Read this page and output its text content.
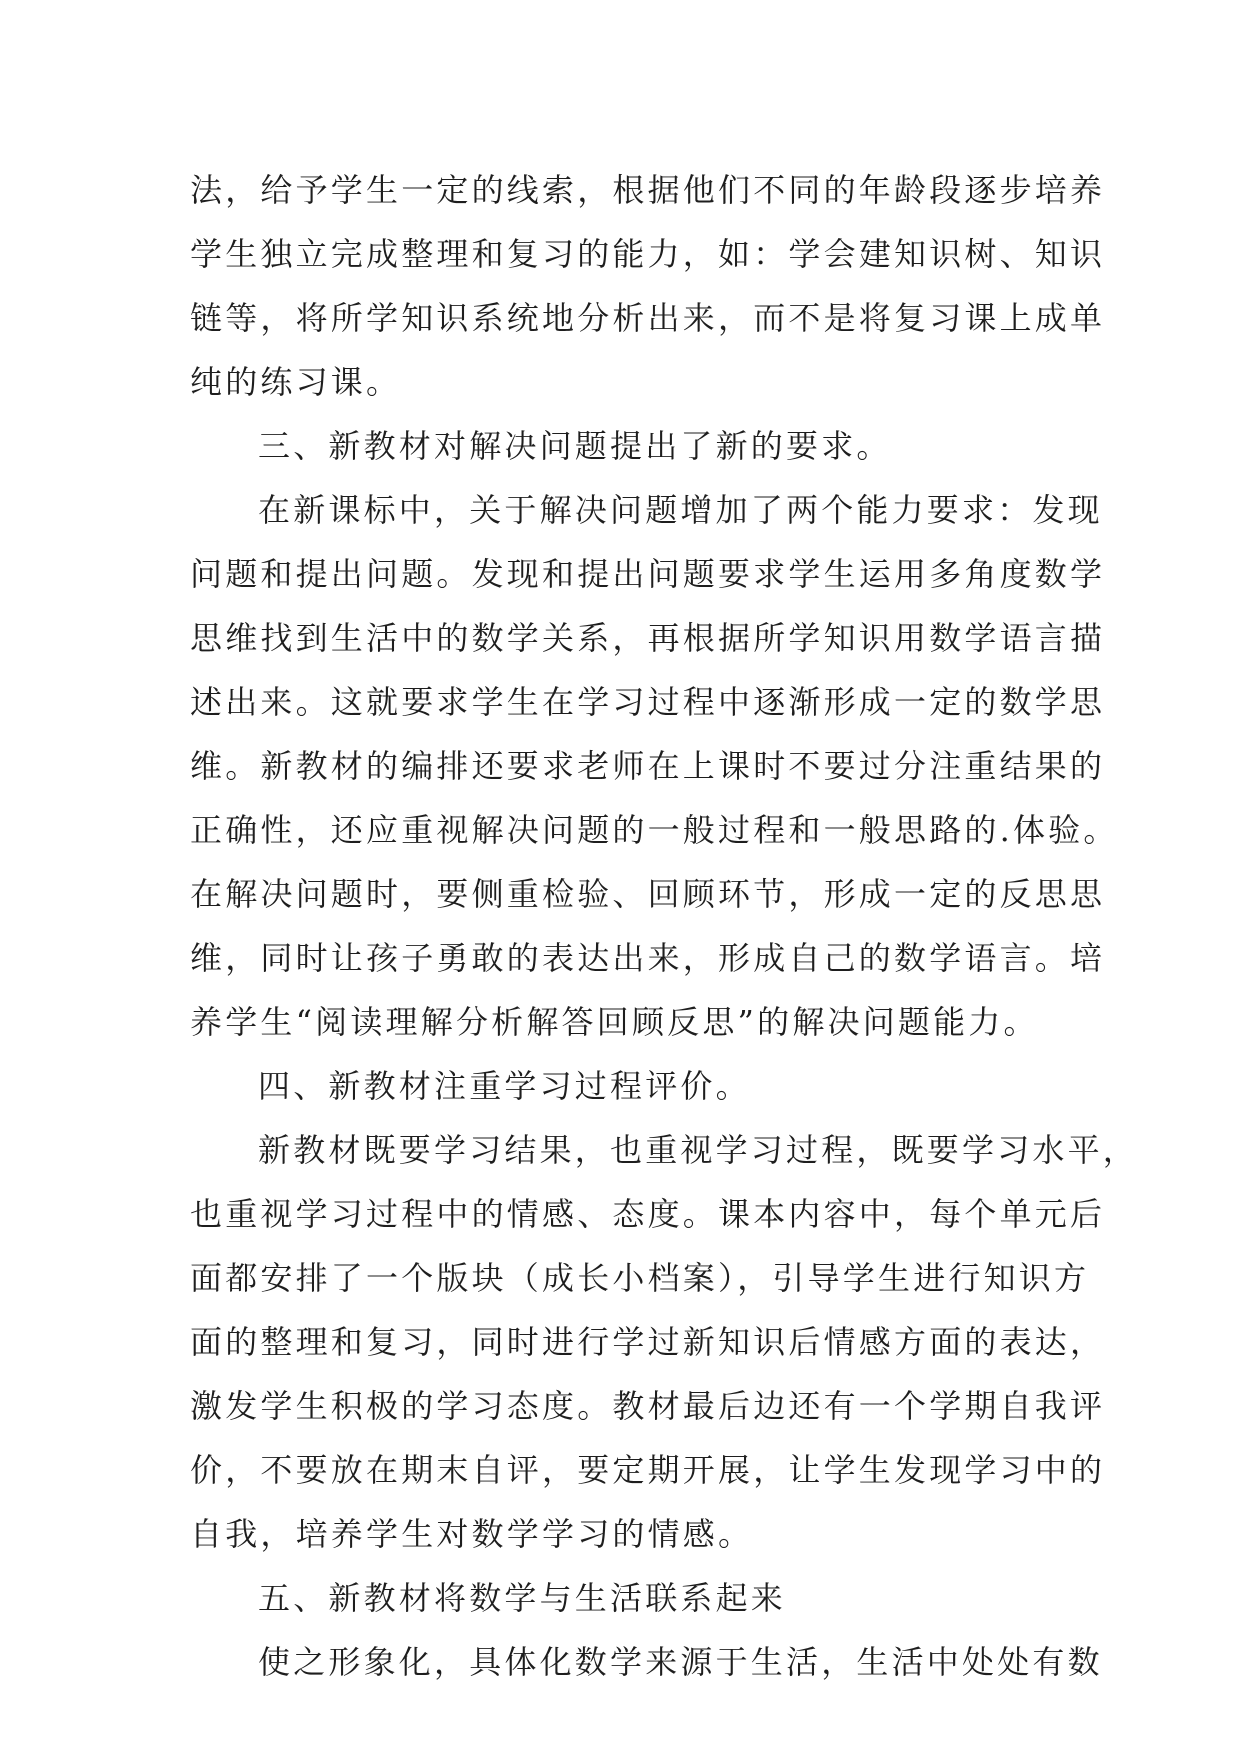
法，给予学生一定的线索，根据他们不同的年龄段逐步培养
学生独立完成整理和复习的能力，如：学会建知识树、知识
链等，将所学知识系统地分析出来，而不是将复习课上成单
纯的练习课。
三、新教材对解决问题提出了新的要求。
在新课标中，关于解决问题增加了两个能力要求：发现
问题和提出问题。发现和提出问题要求学生运用多角度数学
思维找到生活中的数学关系，再根据所学知识用数学语言描
述出来。这就要求学生在学习过程中逐渐形成一定的数学思
维。新教材的编排还要求老师在上课时不要过分注重结果的
正确性，还应重视解决问题的一般过程和一般思路的.体验。
在解决问题时，要侧重检验、回顾环节，形成一定的反思思
维，同时让孩子勇敢的表达出来，形成自己的数学语言。培
养学生“阅读理解分析解答回顾反思”的解决问题能力。
四、新教材注重学习过程评价。
新教材既要学习结果，也重视学习过程，既要学习水平，
也重视学习过程中的情感、态度。课本内容中，每个单元后
面都安排了一个版块（成长小档案），引导学生进行知识方
面的整理和复习，同时进行学过新知识后情感方面的表达，
激发学生积极的学习态度。教材最后边还有一个学期自我评
价，不要放在期末自评，要定期开展，让学生发现学习中的
自我，培养学生对数学学习的情感。
五、新教材将数学与生活联系起来
使之形象化，具体化数学来源于生活，生活中处处有数
